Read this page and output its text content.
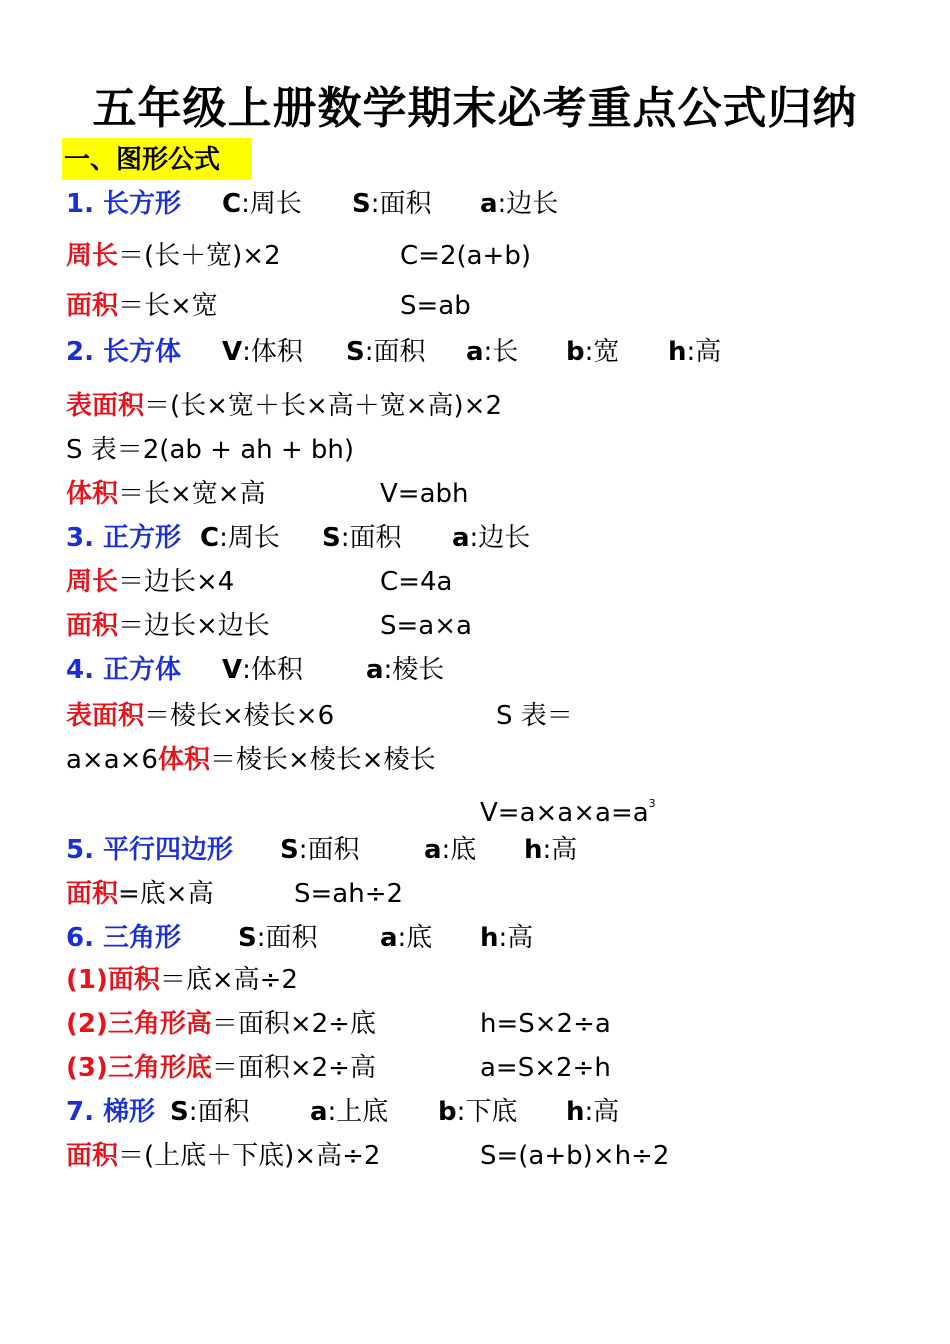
五年级上册数学期末必考重点公式归纳
一、图形公式
1. 长方形 C:周长 S:面积 a:边长
周长＝(长＋宽)×2	C=2(a+b)
面积＝长×宽	S=ab
2. 长方体 V:体积 S:面积 a:长 b:宽 h:高
表面积＝(长×宽＋长×高＋宽×高)×2
S 表＝2(ab + ah + bh)
体积＝长×宽×高	V=abh
3. 正方形 C:周长 S:面积 a:边长
周长＝边长×4	C=4a
面积＝边长×边长	S=a×a
4. 正方体 V:体积 a:棱长
表面积＝棱长×棱长×6	S 表＝
a×a×6体积＝棱长×棱长×棱长
$V=a\times a\times a=a^3$
5. 平行四边形 S:面积 a:底 h:高
面积=底×高	S=ah÷2
6. 三角形 S:面积 a:底 h:高
(1)面积＝底×高÷2
(2)三角形高＝面积×2÷底	h=S×2÷a
(3)三角形底＝面积×2÷高	a=S×2÷h
7. 梯形 S:面积 a:上底 b:下底 h:高
面积＝(上底＋下底)×高÷2	S=(a+b)×h÷2
